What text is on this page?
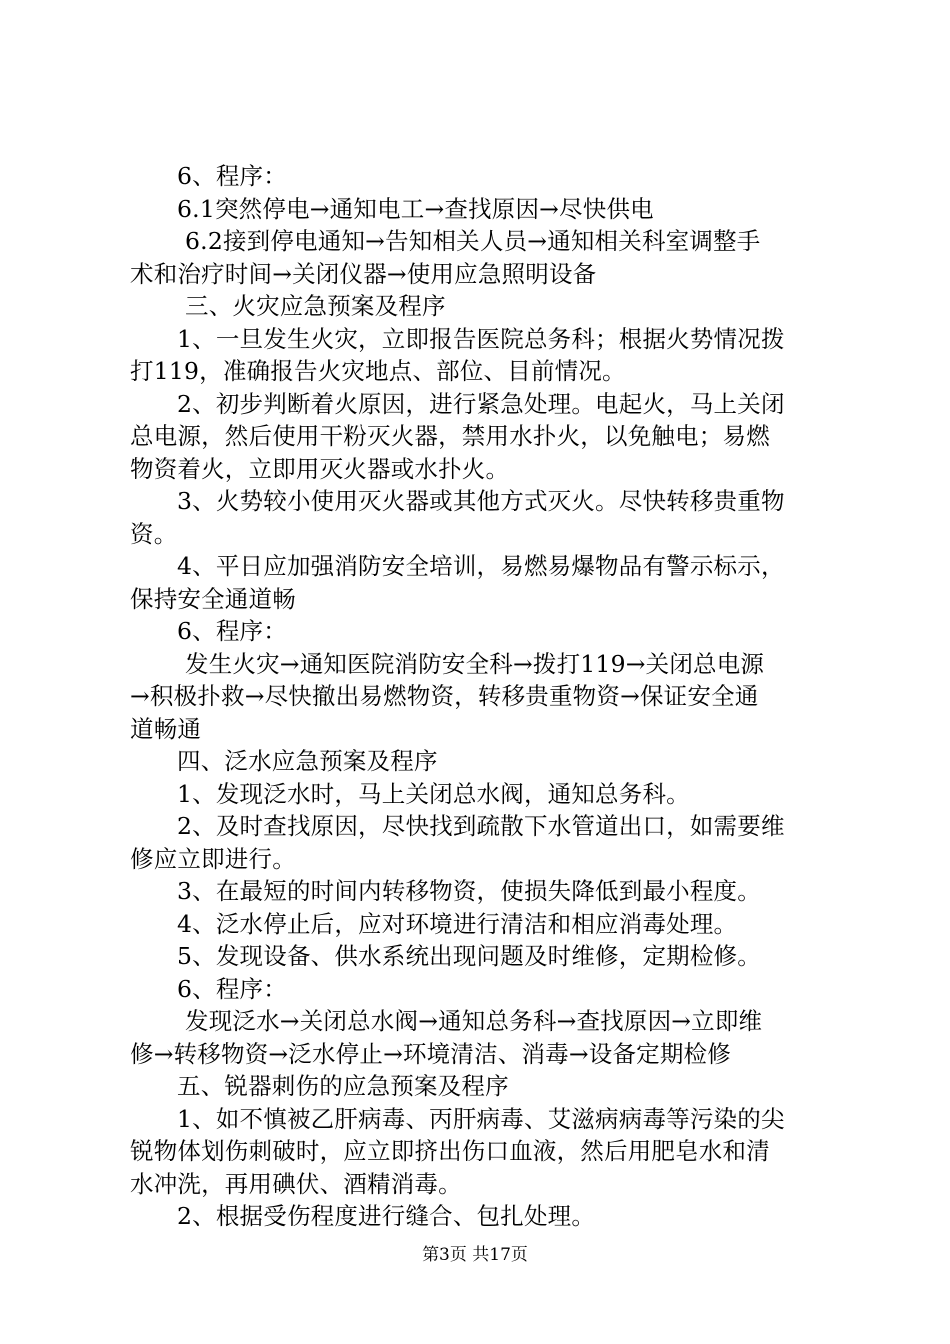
6、程序：
6.1突然停电→通知电工→查找原因→尽快供电
6.2接到停电通知→告知相关人员→通知相关科室调整手
术和治疗时间→关闭仪器→使用应急照明设备
三、火灾应急预案及程序
1、一旦发生火灾，立即报告医院总务科；根据火势情况拨
打119，准确报告火灾地点、部位、目前情况。
2、初步判断着火原因，进行紧急处理。电起火，马上关闭
总电源，然后使用干粉灭火器，禁用水扑火，以免触电；易燃
物资着火，立即用灭火器或水扑火。
3、火势较小使用灭火器或其他方式灭火。尽快转移贵重物
资。
4、平日应加强消防安全培训，易燃易爆物品有警示标示，
保持安全通道畅
6、程序：
发生火灾→通知医院消防安全科→拨打119→关闭总电源
→积极扑救→尽快撤出易燃物资，转移贵重物资→保证安全通
道畅通
四、泛水应急预案及程序
1、发现泛水时，马上关闭总水阀，通知总务科。
2、及时查找原因，尽快找到疏散下水管道出口，如需要维
修应立即进行。
3、在最短的时间内转移物资，使损失降低到最小程度。
4、泛水停止后，应对环境进行清洁和相应消毒处理。
5、发现设备、供水系统出现问题及时维修，定期检修。
6、程序：
发现泛水→关闭总水阀→通知总务科→查找原因→立即维
修→转移物资→泛水停止→环境清洁、消毒→设备定期检修
五、锐器刺伤的应急预案及程序
1、如不慎被乙肝病毒、丙肝病毒、艾滋病病毒等污染的尖
锐物体划伤刺破时，应立即挤出伤口血液，然后用肥皂水和清
水冲洗，再用碘伏、酒精消毒。
2、根据受伤程度进行缝合、包扎处理。
第3页 共17页
